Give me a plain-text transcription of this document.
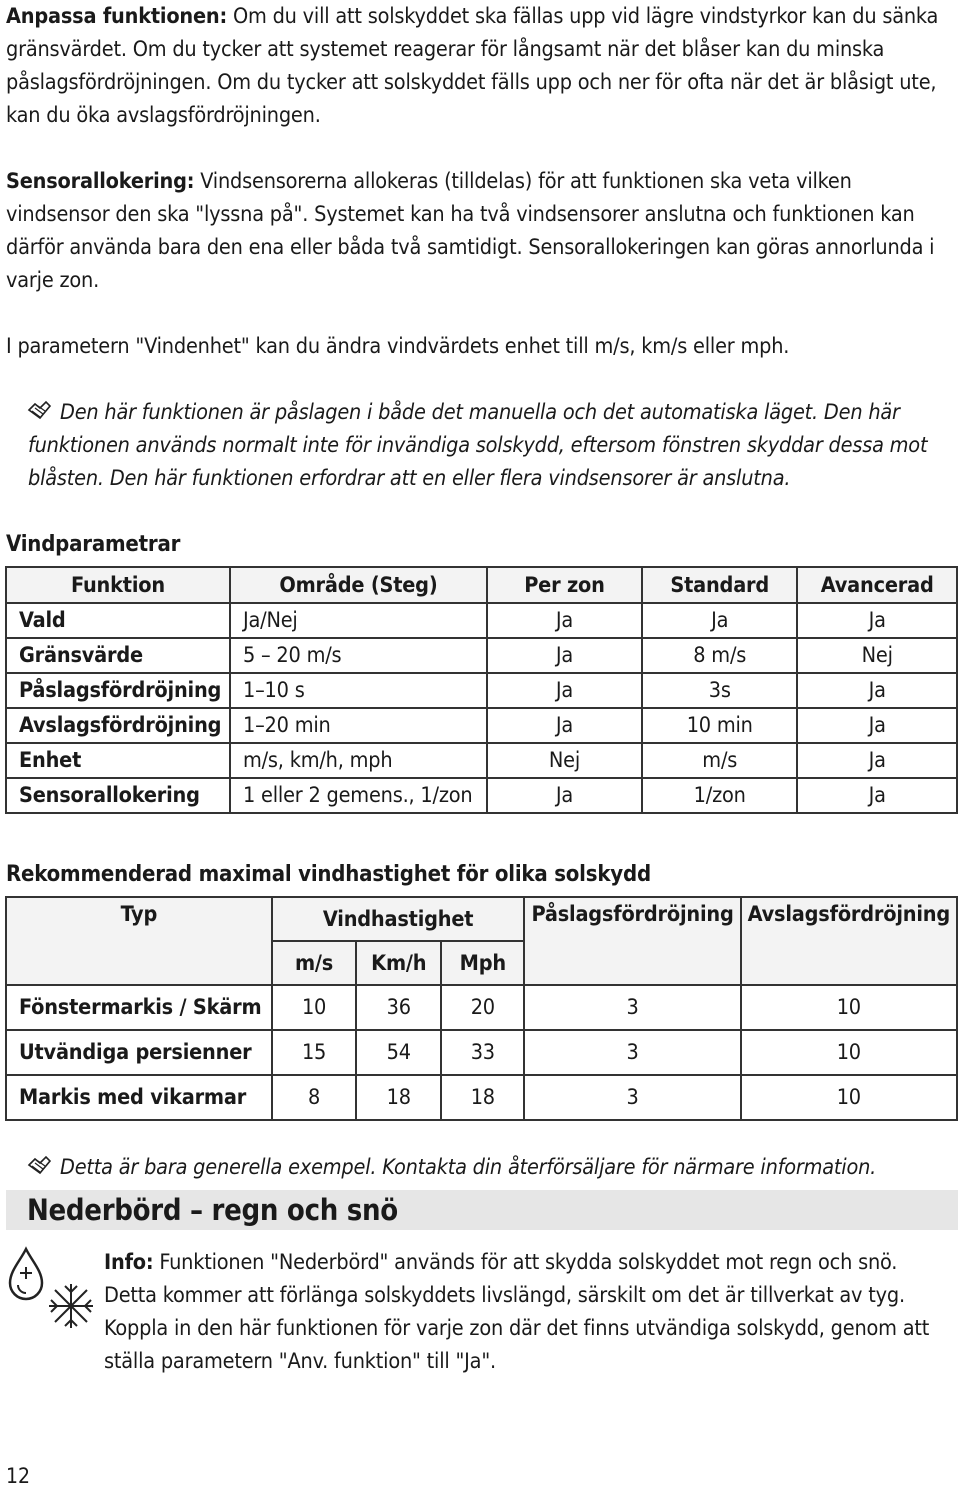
Anpassa funktionen: Om du vill att solskyddet ska fällas upp vid lägre vindstyrkor kan du sänka gränsvärdet. Om du tycker att systemet reagerar för långsamt när det blåser kan du minska påslagsfördröjningen. Om du tycker att solskyddet fälls upp och ner för ofta när det är blåsigt ute, kan du öka avslagsfördröjningen.

Sensorallokering: Vindsensorerna allokeras (tilldelas) för att funktionen ska veta vilken vindsensor den ska "lyssna på". Systemet kan ha två vindsensorer anslutna och funktionen kan därför använda bara den ena eller båda två samtidigt. Sensorallokeringen kan göras annorlunda i varje zon.

I parametern "Vindenhet" kan du ändra vindvärdets enhet till m/s, km/s eller mph.

Den här funktionen är påslagen i både det manuella och det automatiska läget. Den här funktionen används normalt inte för invändiga solskydd, eftersom fönstren skyddar dessa mot blåsten. Den här funktionen erfordrar att en eller flera vindsensorer är anslutna.
Vindparametrar
Funktion	Område (Steg)	Per zon	Standard	Avancerad
Vald	Ja/Nej	Ja	Ja	Ja
Gränsvärde	5 – 20 m/s	Ja	8 m/s	Nej
Påslagsfördröjning	1–10 s	Ja	3s	Ja
Avslagsfördröjning	1–20 min	Ja	10 min	Ja
Enhet	m/s, km/h, mph	Nej	m/s	Ja
Sensorallokering	1 eller 2 gemens., 1/zon	Ja	1/zon	Ja
Rekommenderad maximal vindhastighet för olika solskydd
Typ	Vindhastighet			Påslagsfördröjning	Avslagsfördröjning
	m/s	Km/h	Mph		
Fönstermarkis / Skärm	10	36	20	3	10
Utvändiga persienner	15	54	33	3	10
Markis med vikarmar	8	18	18	3	10
Detta är bara generella exempel. Kontakta din återförsäljare för närmare information.
Nederbörd – regn och snö

Info: Funktionen "Nederbörd" används för att skydda solskyddet mot regn och snö. Detta kommer att förlänga solskyddets livslängd, särskilt om det är tillverkat av tyg. Koppla in den här funktionen för varje zon där det finns utvändiga solskydd, genom att ställa parametern "Anv. funktion" till "Ja".

12
